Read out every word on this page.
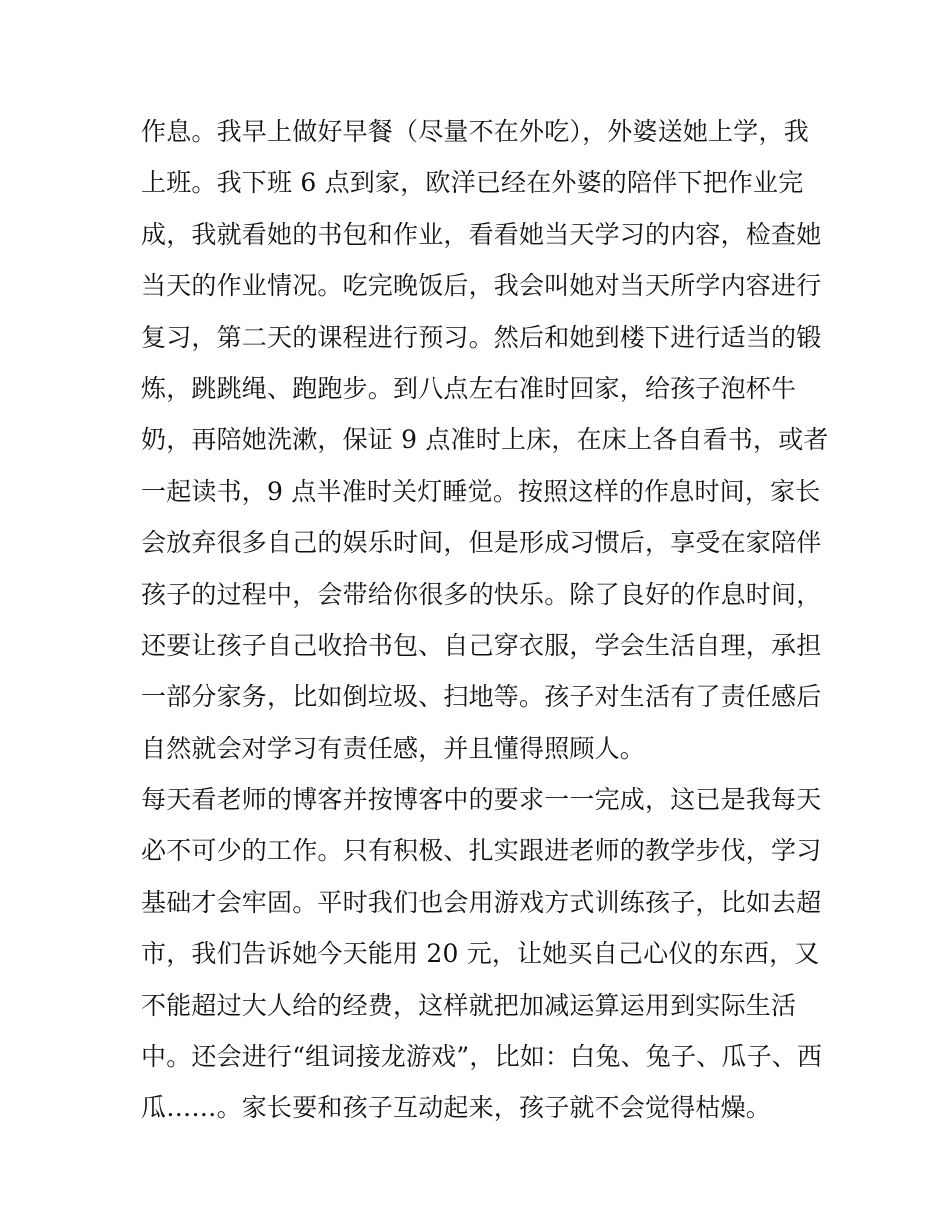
作息。我早上做好早餐（尽量不在外吃），外婆送她上学，我
上班。我下班 6 点到家，欧洋已经在外婆的陪伴下把作业完
成，我就看她的书包和作业，看看她当天学习的内容，检查她
当天的作业情况。吃完晚饭后，我会叫她对当天所学内容进行
复习，第二天的课程进行预习。然后和她到楼下进行适当的锻
炼，跳跳绳、跑跑步。到八点左右准时回家，给孩子泡杯牛
奶，再陪她洗漱，保证 9 点准时上床，在床上各自看书，或者
一起读书，9 点半准时关灯睡觉。按照这样的作息时间，家长
会放弃很多自己的娱乐时间，但是形成习惯后，享受在家陪伴
孩子的过程中，会带给你很多的快乐。除了良好的作息时间，
还要让孩子自己收拾书包、自己穿衣服，学会生活自理，承担
一部分家务，比如倒垃圾、扫地等。孩子对生活有了责任感后
自然就会对学习有责任感，并且懂得照顾人。
每天看老师的博客并按博客中的要求一一完成，这已是我每天
必不可少的工作。只有积极、扎实跟进老师的教学步伐，学习
基础才会牢固。平时我们也会用游戏方式训练孩子，比如去超
市，我们告诉她今天能用 20 元，让她买自己心仪的东西，又
不能超过大人给的经费，这样就把加减运算运用到实际生活
中。还会进行“组词接龙游戏”，比如：白兔、兔子、瓜子、西
瓜……。家长要和孩子互动起来，孩子就不会觉得枯燥。
